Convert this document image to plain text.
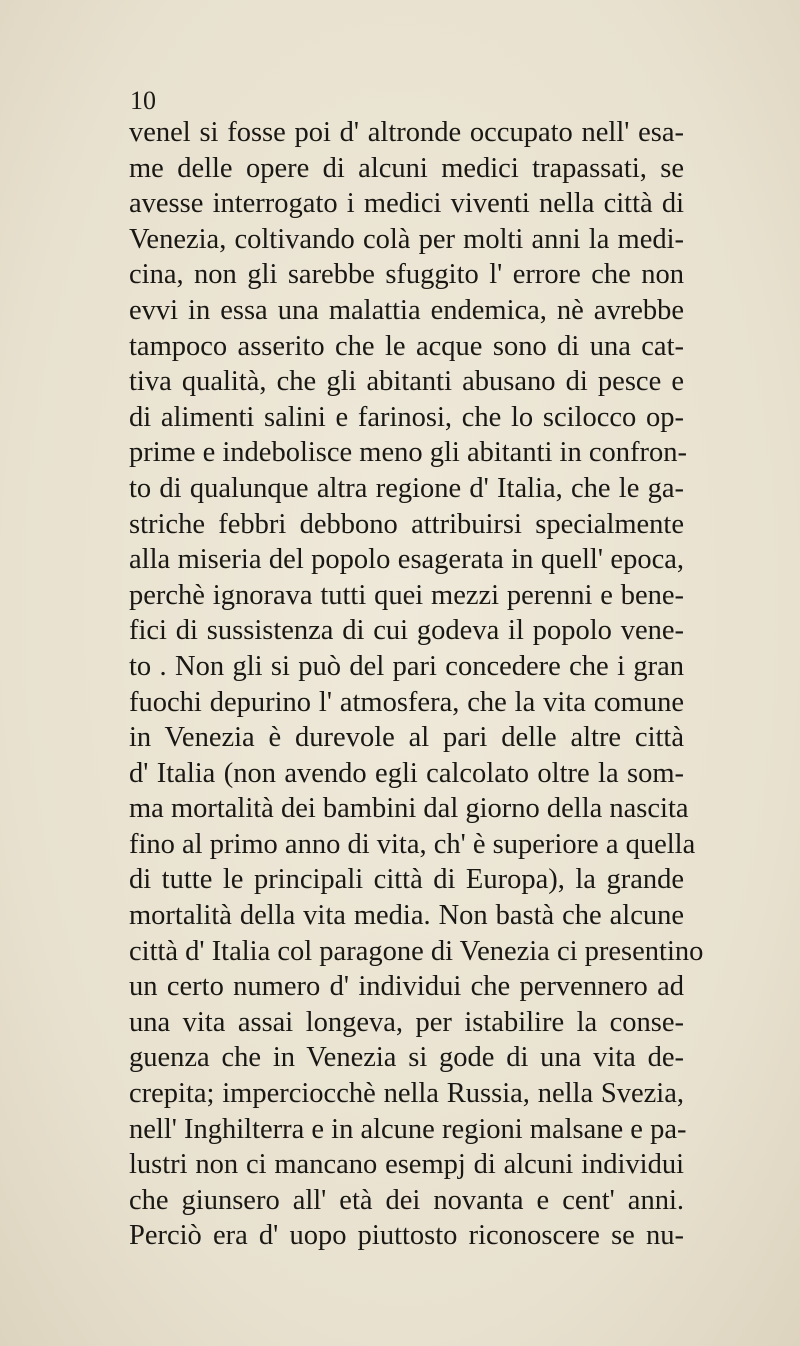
10
venel si fosse poi d' altronde occupato nell' esa-
me delle opere di alcuni medici trapassati, se
avesse interrogato i medici viventi nella città di
Venezia, coltivando colà per molti anni la medi-
cina, non gli sarebbe sfuggito l' errore che non
evvi in essa una malattia endemica, nè avrebbe
tampoco asserito che le acque sono di una cat-
tiva qualità, che gli abitanti abusano di pesce e
di alimenti salini e farinosi, che lo scilocco op-
prime e indebolisce meno gli abitanti in confron-
to di qualunque altra regione d' Italia, che le ga-
striche febbri debbono attribuirsi specialmente
alla miseria del popolo esagerata in quell' epoca,
perchè ignorava tutti quei mezzi perenni e bene-
fici di sussistenza di cui godeva il popolo vene-
to . Non gli si può del pari concedere che i gran
fuochi depurino l' atmosfera, che la vita comune
in Venezia è durevole al pari delle altre città
d' Italia (non avendo egli calcolato oltre la som-
ma mortalità dei bambini dal giorno della nascita
fino al primo anno di vita, ch' è superiore a quella
di tutte le principali città di Europa), la grande
mortalità della vita media. Non bastà che alcune
città d' Italia col paragone di Venezia ci presentino
un certo numero d' individui che pervennero ad
una vita assai longeva, per istabilire la conse-
guenza che in Venezia si gode di una vita de-
crepita; imperciocchè nella Russia, nella Svezia,
nell' Inghilterra e in alcune regioni malsane e pa-
lustri non ci mancano esempj di alcuni individui
che giunsero all' età dei novanta e cent' anni.
Perciò era d' uopo piuttosto riconoscere se nu-
